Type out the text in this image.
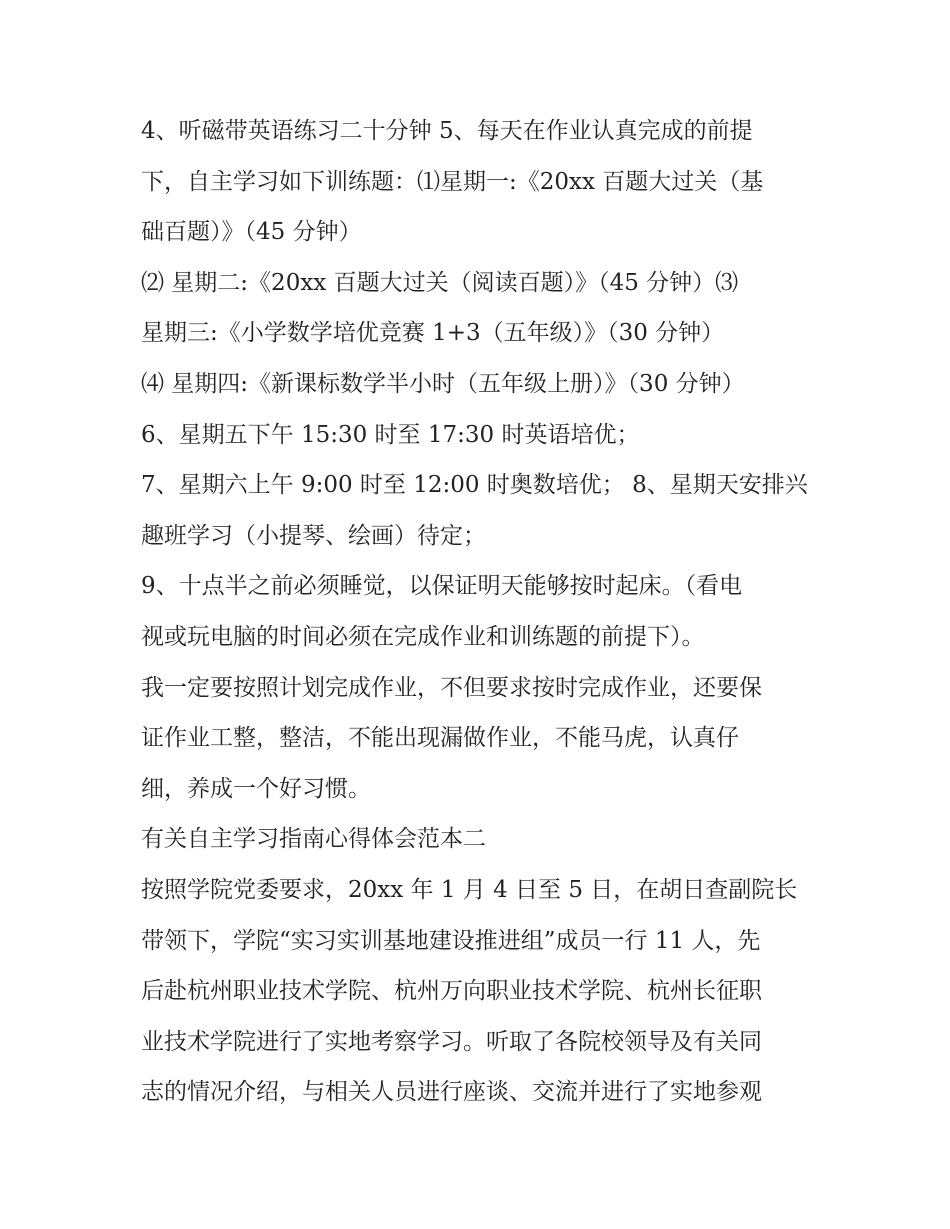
4、听磁带英语练习二十分钟 5、每天在作业认真完成的前提
下，自主学习如下训练题：⑴星期一:《20xx 百题大过关（基
础百题）》（45 分钟）
⑵ 星期二:《20xx 百题大过关（阅读百题）》（45 分钟）⑶
星期三:《小学数学培优竞赛 1+3（五年级）》（30 分钟）
⑷ 星期四:《新课标数学半小时（五年级上册）》（30 分钟）
6、星期五下午 15:30 时至 17:30 时英语培优；
7、星期六上午 9:00 时至 12:00 时奥数培优； 8、星期天安排兴
趣班学习（小提琴、绘画）待定；
9、十点半之前必须睡觉，以保证明天能够按时起床。（看电
视或玩电脑的时间必须在完成作业和训练题的前提下）。
我一定要按照计划完成作业，不但要求按时完成作业，还要保
证作业工整，整洁，不能出现漏做作业，不能马虎，认真仔
细，养成一个好习惯。
有关自主学习指南心得体会范本二
按照学院党委要求，20xx 年 1 月 4 日至 5 日，在胡日查副院长
带领下，学院“实习实训基地建设推进组”成员一行 11 人，先
后赴杭州职业技术学院、杭州万向职业技术学院、杭州长征职
业技术学院进行了实地考察学习。听取了各院校领导及有关同
志的情况介绍，与相关人员进行座谈、交流并进行了实地参观
